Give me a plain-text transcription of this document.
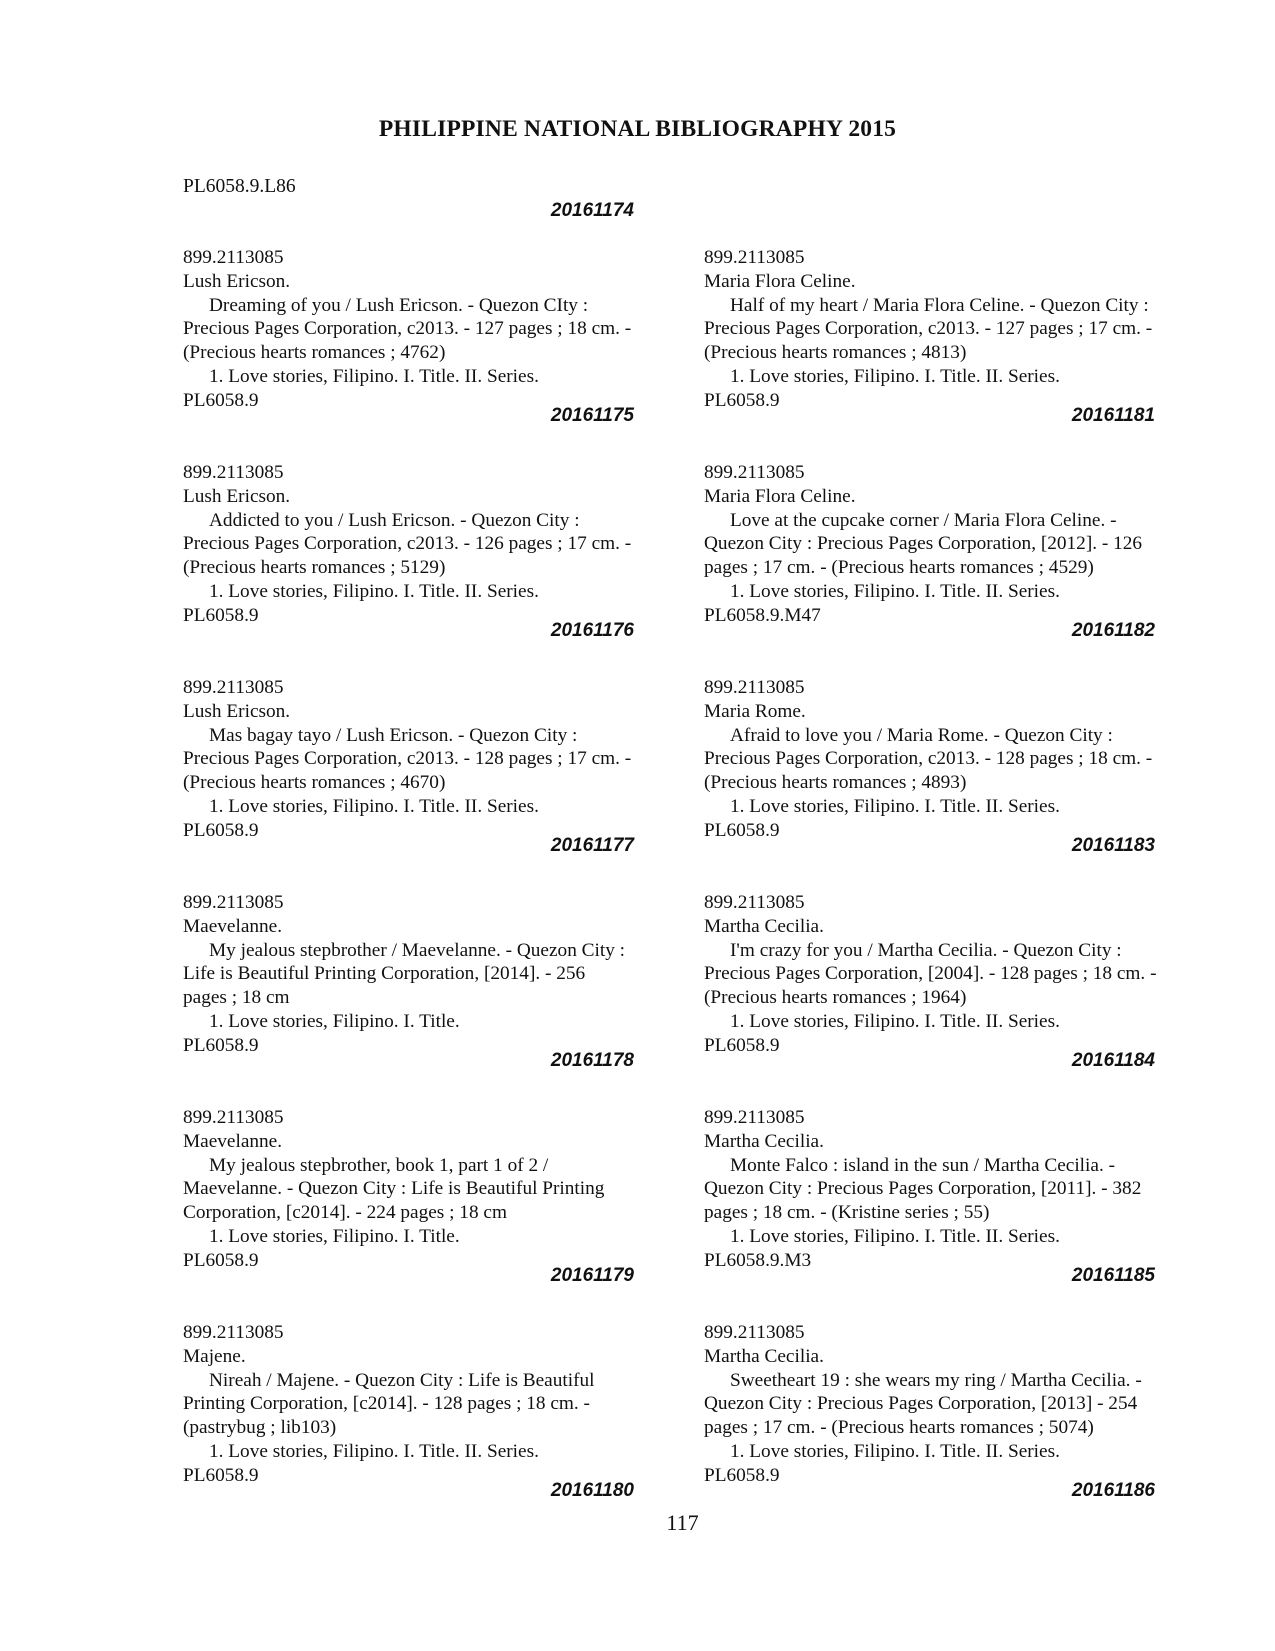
PHILIPPINE NATIONAL BIBLIOGRAPHY 2015
PL6058.9.L86
20161174
899.2113085
Lush Ericson.
Dreaming of you / Lush Ericson. - Quezon CIty :
Precious Pages Corporation, c2013. - 127 pages ; 18 cm. -
(Precious hearts romances ; 4762)
1. Love stories, Filipino. I. Title. II. Series.
PL6058.9
20161175
899.2113085
Lush Ericson.
Addicted to you / Lush Ericson. - Quezon City :
Precious Pages Corporation, c2013. - 126 pages ; 17 cm. -
(Precious hearts romances ; 5129)
1. Love stories, Filipino. I. Title. II. Series.
PL6058.9
20161176
899.2113085
Lush Ericson.
Mas bagay tayo / Lush Ericson. - Quezon City :
Precious Pages Corporation, c2013. - 128 pages ; 17 cm. -
(Precious hearts romances ; 4670)
1. Love stories, Filipino. I. Title. II. Series.
PL6058.9
20161177
899.2113085
Maevelanne.
My jealous stepbrother / Maevelanne. - Quezon City :
Life is Beautiful Printing Corporation, [2014]. - 256
pages ; 18 cm
1. Love stories, Filipino. I. Title.
PL6058.9
20161178
899.2113085
Maevelanne.
My jealous stepbrother, book 1, part 1 of 2 /
Maevelanne. - Quezon City : Life is Beautiful Printing
Corporation, [c2014]. - 224 pages ; 18 cm
1. Love stories, Filipino. I. Title.
PL6058.9
20161179
899.2113085
Majene.
Nireah / Majene. - Quezon City : Life is Beautiful
Printing Corporation, [c2014]. - 128 pages ; 18 cm. -
(pastrybug ; lib103)
1. Love stories, Filipino. I. Title. II. Series.
PL6058.9
20161180
899.2113085
Maria Flora Celine.
Half of my heart / Maria Flora Celine. - Quezon City :
Precious Pages Corporation, c2013. - 127 pages ; 17 cm. -
(Precious hearts romances ; 4813)
1. Love stories, Filipino. I. Title. II. Series.
PL6058.9
20161181
899.2113085
Maria Flora Celine.
Love at the cupcake corner / Maria Flora Celine. -
Quezon City : Precious Pages Corporation, [2012]. - 126
pages ; 17 cm. - (Precious hearts romances ; 4529)
1. Love stories, Filipino. I. Title. II. Series.
PL6058.9.M47
20161182
899.2113085
Maria Rome.
Afraid to love you / Maria Rome. - Quezon City :
Precious Pages Corporation, c2013. - 128 pages ; 18 cm. -
(Precious hearts romances ; 4893)
1. Love stories, Filipino. I. Title. II. Series.
PL6058.9
20161183
899.2113085
Martha Cecilia.
I'm crazy for you / Martha Cecilia. - Quezon City :
Precious Pages Corporation, [2004]. - 128 pages ; 18 cm. -
(Precious hearts romances ; 1964)
1. Love stories, Filipino. I. Title. II. Series.
PL6058.9
20161184
899.2113085
Martha Cecilia.
Monte Falco : island in the sun / Martha Cecilia. -
Quezon City : Precious Pages Corporation, [2011]. - 382
pages ; 18 cm. - (Kristine series ; 55)
1. Love stories, Filipino. I. Title. II. Series.
PL6058.9.M3
20161185
899.2113085
Martha Cecilia.
Sweetheart 19 : she wears my ring / Martha Cecilia. -
Quezon City : Precious Pages Corporation, [2013] - 254
pages ; 17 cm. - (Precious hearts romances ; 5074)
1. Love stories, Filipino. I. Title. II. Series.
PL6058.9
20161186
117
